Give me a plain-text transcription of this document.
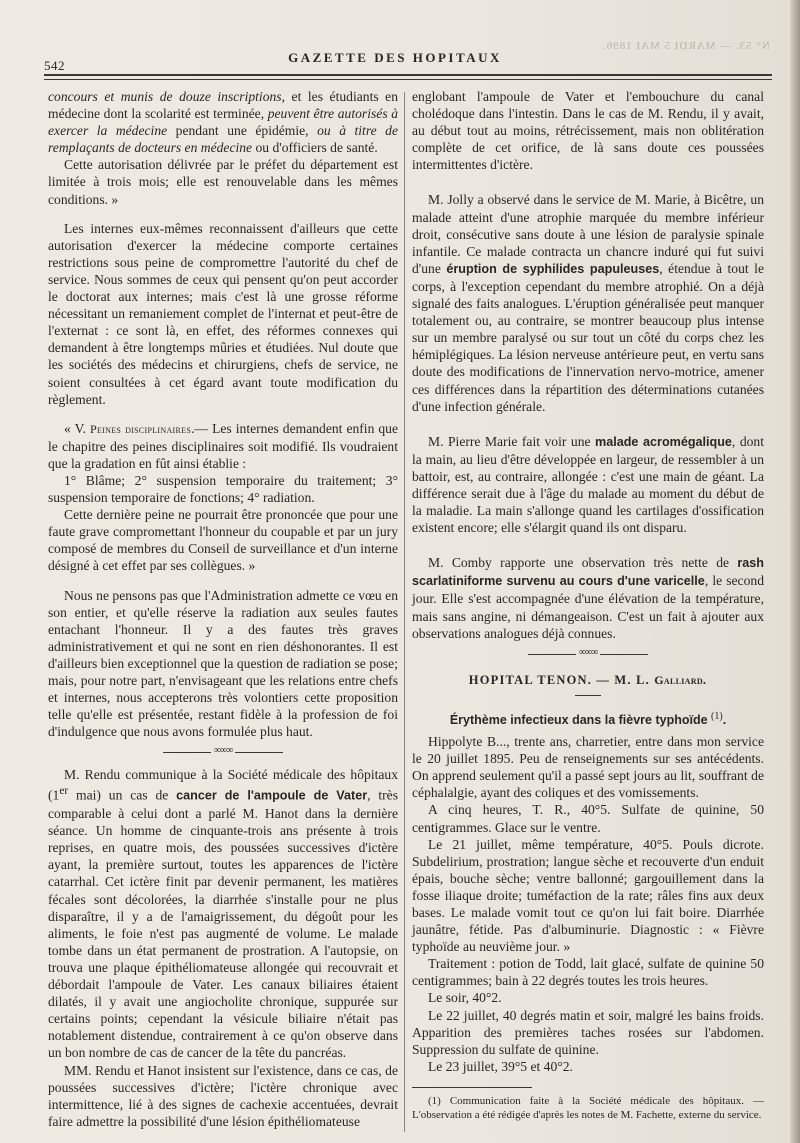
542
GAZETTE DES HOPITAUX
N° 53. — MARDI 5 MAI 1896.

concours et munis de douze inscriptions, et les étudiants en médecine dont la scolarité est terminée, peuvent être autorisés à exercer la médecine pendant une épidémie, ou à titre de remplaçants de docteurs en médecine ou d'officiers de santé.

Cette autorisation délivrée par le préfet du département est limitée à trois mois; elle est renouvelable dans les mêmes conditions. »

Les internes eux-mêmes reconnaissent d'ailleurs que cette autorisation d'exercer la médecine comporte certaines restrictions sous peine de compromettre l'autorité du chef de service. Nous sommes de ceux qui pensent qu'on peut accorder le doctorat aux internes; mais c'est là une grosse réforme nécessitant un remaniement complet de l'internat et peut-être de l'externat : ce sont là, en effet, des réformes connexes qui demandent à être longtemps mûries et étudiées. Nul doute que les sociétés des médecins et chirurgiens, chefs de service, ne soient consultées à cet égard avant toute modification du règlement.

« V. Peines disciplinaires.— Les internes demandent enfin que le chapitre des peines disciplinaires soit modifié. Ils voudraient que la gradation en fût ainsi établie :

1° Blâme; 2° suspension temporaire du traitement; 3° suspension temporaire de fonctions; 4° radiation.

Cette dernière peine ne pourrait être prononcée que pour une faute grave compromettant l'honneur du coupable et par un jury composé de membres du Conseil de surveillance et d'un interne désigné à cet effet par ses collègues. »

Nous ne pensons pas que l'Administration admette ce vœu en son entier, et qu'elle réserve la radiation aux seules fautes entachant l'honneur. Il y a des fautes très graves administrativement et qui ne sont en rien déshonorantes. Il est d'ailleurs bien exceptionnel que la question de radiation se pose; mais, pour notre part, n'envisageant que les relations entre chefs et internes, nous accepterons très volontiers cette proposition telle qu'elle est présentée, restant fidèle à la profession de foi d'indulgence que nous avons formulée plus haut.

∞∞∞

M. Rendu communique à la Société médicale des hôpitaux (1er mai) un cas de cancer de l'ampoule de Vater, très comparable à celui dont a parlé M. Hanot dans la dernière séance. Un homme de cinquante-trois ans présente à trois reprises, en quatre mois, des poussées successives d'ictère ayant, la première surtout, toutes les apparences de l'ictère catarrhal. Cet ictère finit par devenir permanent, les matières fécales sont décolorées, la diarrhée s'installe pour ne plus disparaître, il y a de l'amaigrissement, du dégoût pour les aliments, le foie n'est pas augmenté de volume. Le malade tombe dans un état permanent de prostration. A l'autopsie, on trouva une plaque épithéliomateuse allongée qui recouvrait et débordait l'ampoule de Vater. Les canaux biliaires étaient dilatés, il y avait une angiocholite chronique, suppurée sur certains points; cependant la vésicule biliaire n'était pas notablement distendue, contrairement à ce qu'on observe dans un bon nombre de cas de cancer de la tête du pancréas.

MM. Rendu et Hanot insistent sur l'existence, dans ce cas, de poussées successives d'ictère; l'ictère chronique avec intermittence, lié à des signes de cachexie accentuées, devrait faire admettre la possibilité d'une lésion épithéliomateuse

englobant l'ampoule de Vater et l'embouchure du canal cholédoque dans l'intestin. Dans le cas de M. Rendu, il y avait, au début tout au moins, rétrécissement, mais non oblitération complète de cet orifice, de là sans doute ces poussées intermittentes d'ictère.

M. Jolly a observé dans le service de M. Marie, à Bicêtre, un malade atteint d'une atrophie marquée du membre inférieur droit, consécutive sans doute à une lésion de paralysie spinale infantile. Ce malade contracta un chancre induré qui fut suivi d'une éruption de syphilides papuleuses, étendue à tout le corps, à l'exception cependant du membre atrophié. On a déjà signalé des faits analogues. L'éruption généralisée peut manquer totalement ou, au contraire, se montrer beaucoup plus intense sur un membre paralysé ou sur tout un côté du corps chez les hémiplégiques. La lésion nerveuse antérieure peut, en vertu sans doute des modifications de l'innervation nervo-motrice, amener ces différences dans la répartition des déterminations cutanées d'une infection générale.

M. Pierre Marie fait voir une malade acromégalique, dont la main, au lieu d'être développée en largeur, de ressembler à un battoir, est, au contraire, allongée : c'est une main de géant. La différence serait due à l'âge du malade au moment du début de la maladie. La main s'allonge quand les cartilages d'ossification existent encore; elle s'élargit quand ils ont disparu.

M. Comby rapporte une observation très nette de rash scarlatiniforme survenu au cours d'une varicelle, le second jour. Elle s'est accompagnée d'une élévation de la température, mais sans angine, ni démangeaison. C'est un fait à ajouter aux observations analogues déjà connues.

∞∞∞
HOPITAL TENON. — M. L. Galliard.
Érythème infectieux dans la fièvre typhoïde $^{(1)}$.

Hippolyte B..., trente ans, charretier, entre dans mon service le 20 juillet 1895. Peu de renseignements sur ses antécédents. On apprend seulement qu'il a passé sept jours au lit, souffrant de céphalalgie, ayant des coliques et des vomissements.

A cinq heures, T. R., 40°5. Sulfate de quinine, 50 centigrammes. Glace sur le ventre.

Le 21 juillet, même température, 40°5. Pouls dicrote. Subdelirium, prostration; langue sèche et recouverte d'un enduit épais, bouche sèche; ventre ballonné; gargouillement dans la fosse iliaque droite; tuméfaction de la rate; râles fins aux deux bases. Le malade vomit tout ce qu'on lui fait boire. Diarrhée jaunâtre, fétide. Pas d'albuminurie. Diagnostic : « Fièvre typhoïde au neuvième jour. »

Traitement : potion de Todd, lait glacé, sulfate de quinine 50 centigrammes; bain à 22 degrés toutes les trois heures.

Le soir, 40°2.

Le 22 juillet, 40 degrés matin et soir, malgré les bains froids. Apparition des premières taches rosées sur l'abdomen. Suppression du sulfate de quinine.

Le 23 juillet, 39°5 et 40°2.

(1) Communication faite à la Société médicale des hôpitaux. — L'observation a été rédigée d'après les notes de M. Fachette, externe du service.
